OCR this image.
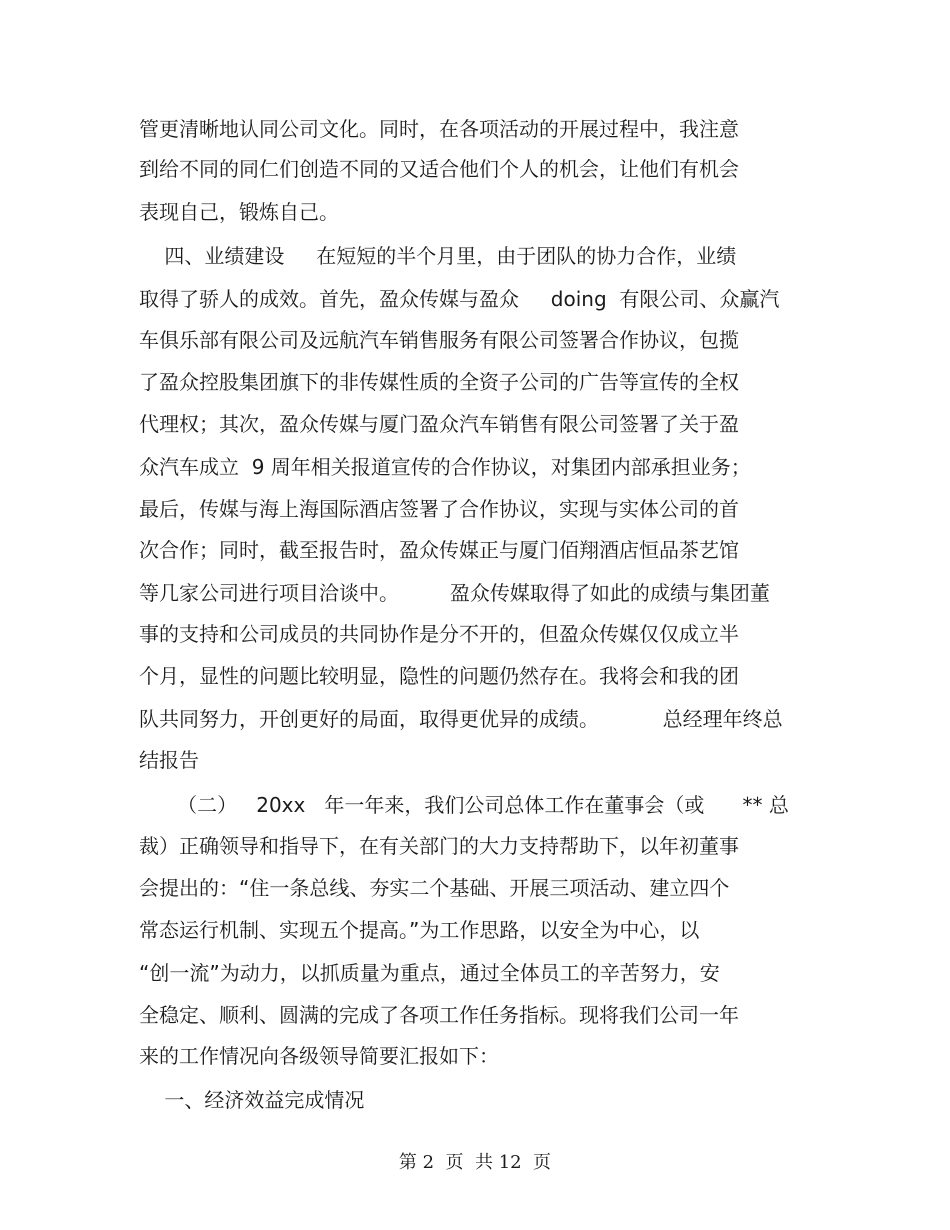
管更清晰地认同公司文化。同时，在各项活动的开展过程中，我注意
到给不同的同仁们创造不同的又适合他们个人的机会，让他们有机会
表现自己，锻炼自己。
四、业绩建设     在短短的半个月里，由于团队的协力合作，业绩
取得了骄人的成效。首先，盈众传媒与盈众     doing  有限公司、众赢汽
车俱乐部有限公司及远航汽车销售服务有限公司签署合作协议，包揽
了盈众控股集团旗下的非传媒性质的全资子公司的广告等宣传的全权
代理权；其次，盈众传媒与厦门盈众汽车销售有限公司签署了关于盈
众汽车成立  9 周年相关报道宣传的合作协议，对集团内部承担业务；
最后，传媒与海上海国际酒店签署了合作协议，实现与实体公司的首
次合作；同时，截至报告时，盈众传媒正与厦门佰翔酒店恒品茶艺馆
等几家公司进行项目洽谈中。        盈众传媒取得了如此的成绩与集团董
事的支持和公司成员的共同协作是分不开的，但盈众传媒仅仅成立半
个月，显性的问题比较明显，隐性的问题仍然存在。我将会和我的团
队共同努力，开创更好的局面，取得更优异的成绩。          总经理年终总
结报告
（二）   20xx   年一年来，我们公司总体工作在董事会（或      ** 总
裁）正确领导和指导下，在有关部门的大力支持帮助下，以年初董事
会提出的：“住一条总线、夯实二个基础、开展三项活动、建立四个
常态运行机制、实现五个提高。”为工作思路，以安全为中心，以
“创一流”为动力，以抓质量为重点，通过全体员工的辛苦努力，安
全稳定、顺利、圆满的完成了各项工作任务指标。现将我们公司一年
来的工作情况向各级领导简要汇报如下：
一、经济效益完成情况
第 2  页  共 12  页
